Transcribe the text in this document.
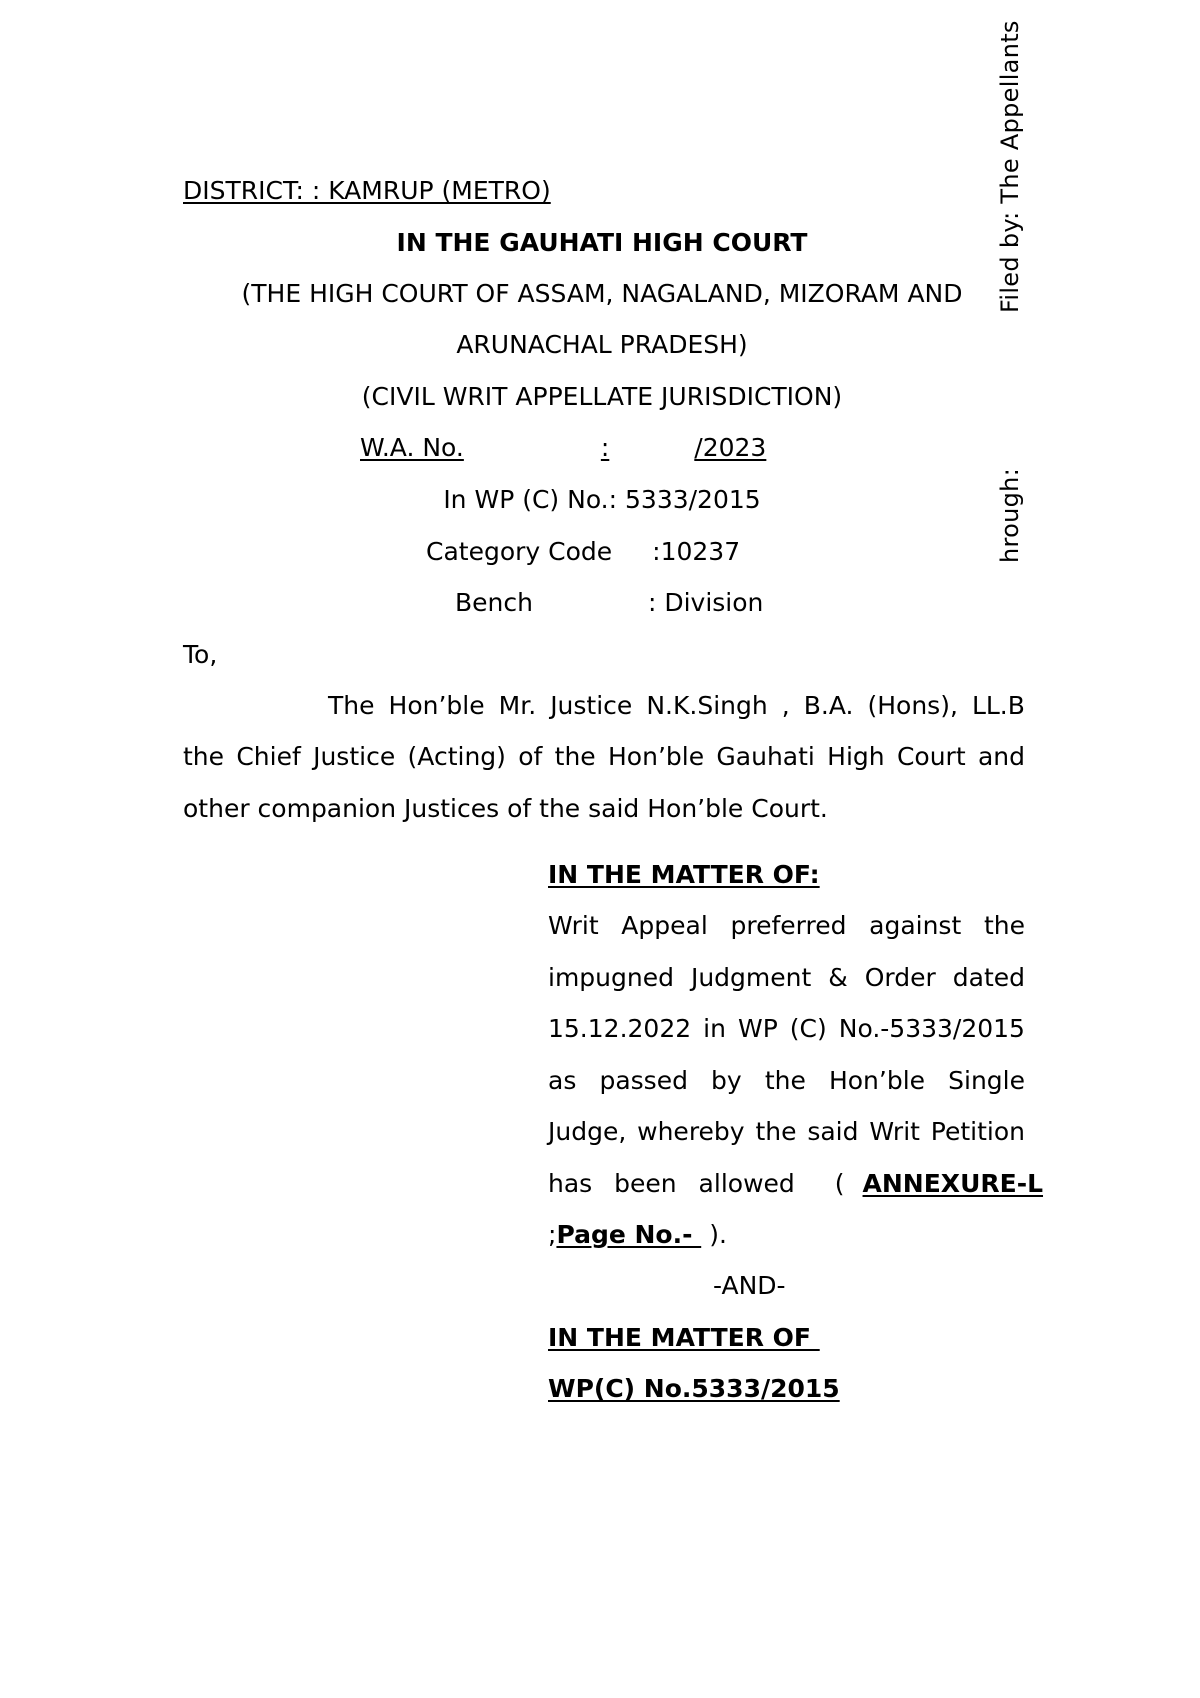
Filed by: The Appellants
hrough:
DISTRICT: : KAMRUP (METRO)
IN THE GAUHATI HIGH COURT
(THE HIGH COURT OF ASSAM, NAGALAND, MIZORAM AND
ARUNACHAL PRADESH)
(CIVIL WRIT APPELLATE JURISDICTION)
W.A. No.	:	/2023
In WP (C) No.: 5333/2015
Category Code :10237
Bench	: Division
To,
The Hon’ble Mr. Justice N.K.Singh , B.A. (Hons), LL.B
the Chief Justice (Acting) of the Hon’ble Gauhati High Court and
other companion Justices of the said Hon’ble Court.
IN THE MATTER OF:
Writ Appeal preferred against the
impugned Judgment & Order dated
15.12.2022 in WP (C) No.-5333/2015
as passed by the Hon’ble Single
Judge, whereby the said Writ Petition
has been allowed ( ANNEXURE-L
;Page No.- ).
-AND-
IN THE MATTER OF
WP(C) No.5333/2015
